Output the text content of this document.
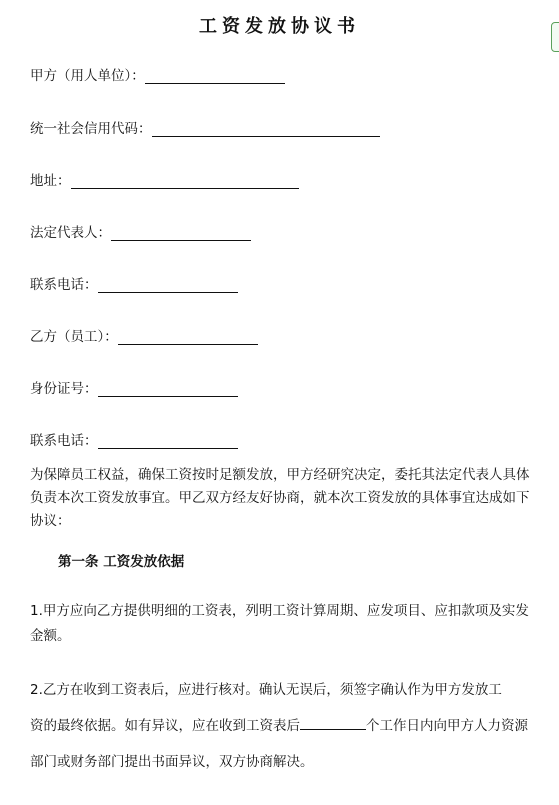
工资发放协议书
甲方（用人单位）：
统一社会信用代码：
地址：
法定代表人：
联系电话：
乙方（员工）：
身份证号：
联系电话：
为保障员工权益，确保工资按时足额发放，甲方经研究决定，委托其法定代表人具体负责本次工资发放事宜。甲乙双方经友好协商，就本次工资发放的具体事宜达成如下协议：
第一条 工资发放依据
1.甲方应向乙方提供明细的工资表，列明工资计算周期、应发项目、应扣款项及实发金额。
2.乙方在收到工资表后，应进行核对。确认无误后，须签字确认作为甲方发放工
资的最终依据。如有异议，应在收到工资表后	个工作日内向甲方人力资源部门或财务部门提出书面异议，双方协商解决。
